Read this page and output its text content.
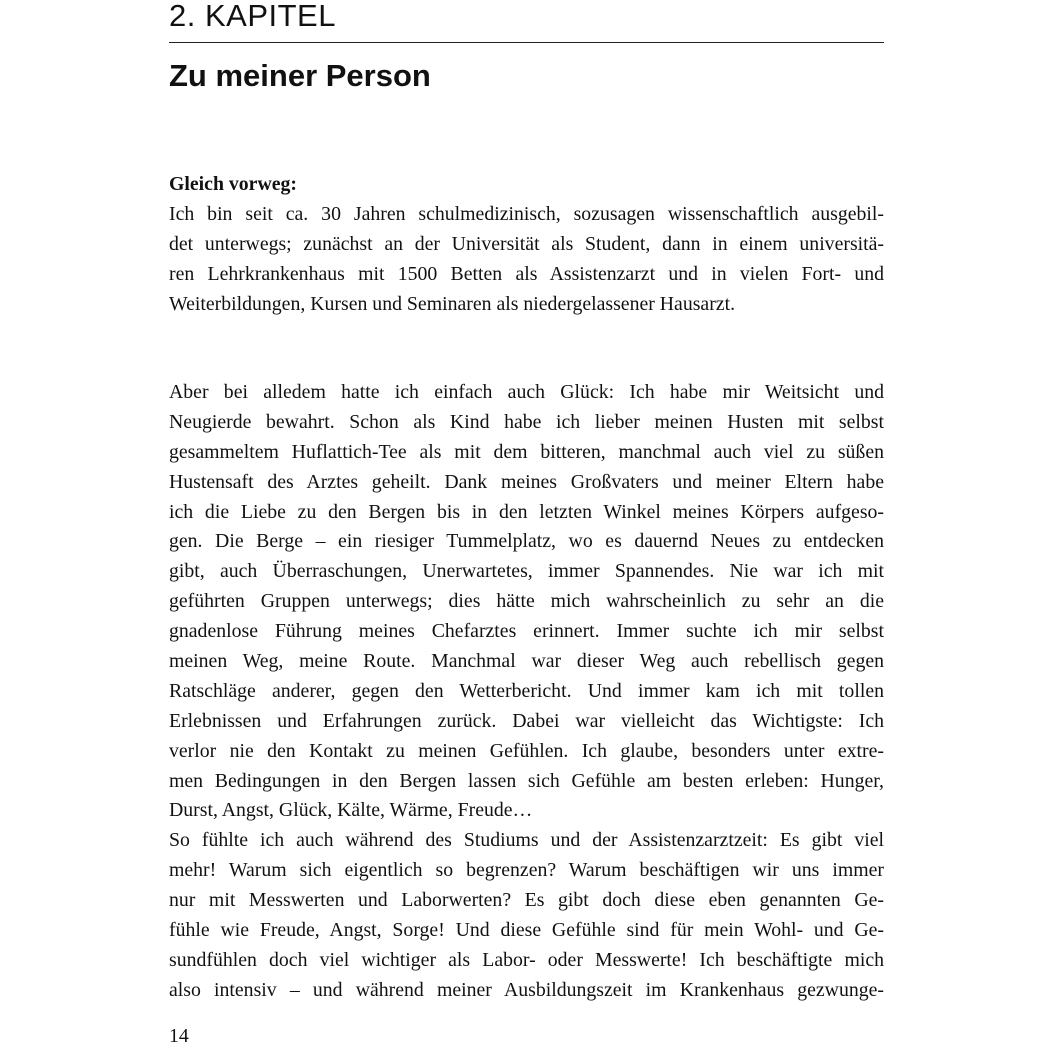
2. KAPITEL
Zu meiner Person
Gleich vorweg:
Ich bin seit ca. 30 Jahren schulmedizinisch, sozusagen wissenschaftlich ausgebil-
det unterwegs; zunächst an der Universität als Student, dann in einem universitä-
ren Lehrkrankenhaus mit 1500 Betten als Assistenzarzt und in vielen Fort- und
Weiterbildungen, Kursen und Seminaren als niedergelassener Hausarzt.
Aber bei alledem hatte ich einfach auch Glück: Ich habe mir Weitsicht und
Neugierde bewahrt. Schon als Kind habe ich lieber meinen Husten mit selbst
gesammeltem Huflattich-Tee als mit dem bitteren, manchmal auch viel zu süßen
Hustensaft des Arztes geheilt. Dank meines Großvaters und meiner Eltern habe
ich die Liebe zu den Bergen bis in den letzten Winkel meines Körpers aufgeso-
gen. Die Berge – ein riesiger Tummelplatz, wo es dauernd Neues zu entdecken
gibt, auch Überraschungen, Unerwartetes, immer Spannendes. Nie war ich mit
geführten Gruppen unterwegs; dies hätte mich wahrscheinlich zu sehr an die
gnadenlose Führung meines Chefarztes erinnert. Immer suchte ich mir selbst
meinen Weg, meine Route. Manchmal war dieser Weg auch rebellisch gegen
Ratschläge anderer, gegen den Wetterbericht. Und immer kam ich mit tollen
Erlebnissen und Erfahrungen zurück. Dabei war vielleicht das Wichtigste: Ich
verlor nie den Kontakt zu meinen Gefühlen. Ich glaube, besonders unter extre-
men Bedingungen in den Bergen lassen sich Gefühle am besten erleben: Hunger,
Durst, Angst, Glück, Kälte, Wärme, Freude…
So fühlte ich auch während des Studiums und der Assistenzarztzeit: Es gibt viel
mehr! Warum sich eigentlich so begrenzen? Warum beschäftigen wir uns immer
nur mit Messwerten und Laborwerten? Es gibt doch diese eben genannten Ge-
fühle wie Freude, Angst, Sorge! Und diese Gefühle sind für mein Wohl- und Ge-
sundfühlen doch viel wichtiger als Labor- oder Messwerte! Ich beschäftigte mich
also intensiv – und während meiner Ausbildungszeit im Krankenhaus gezwunge-
14
